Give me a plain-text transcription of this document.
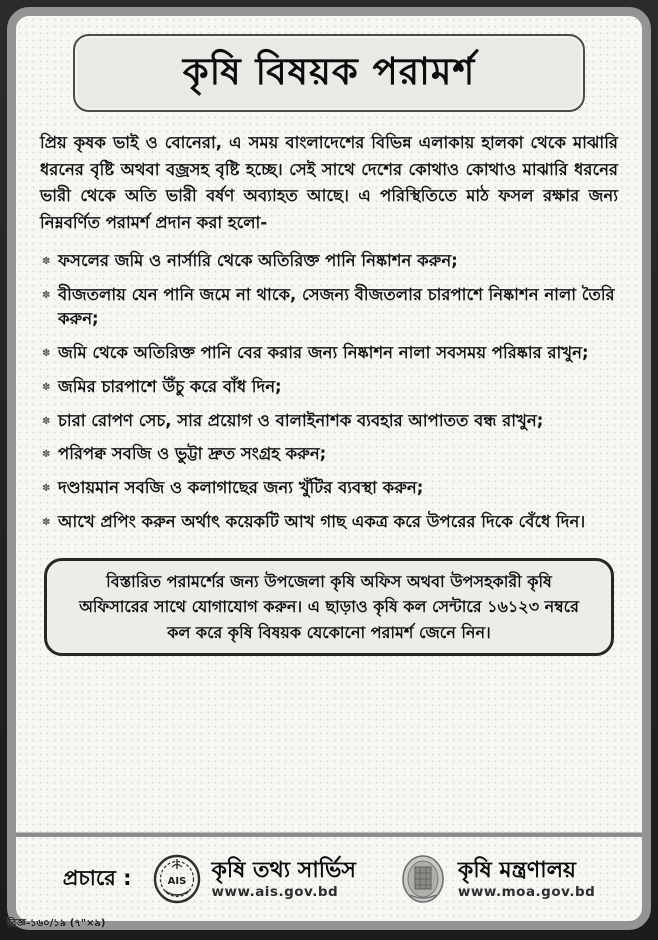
কৃষি বিষয়ক পরামর্শ

প্রিয় কৃষক ভাই ও বোনেরা, এ সময় বাংলাদেশের বিভিন্ন এলাকায় হালকা থেকে মাঝারি ধরনের বৃষ্টি অথবা বজ্রসহ বৃষ্টি হচ্ছে। সেই সাথে দেশের কোথাও কোথাও মাঝারি ধরনের ভারী থেকে অতি ভারী বর্ষণ অব্যাহত আছে। এ পরিস্থিতিতে মাঠ ফসল রক্ষার জন্য নিম্নবর্ণিত পরামর্শ প্রদান করা হলো-

✽ ফসলের জমি ও নার্সারি থেকে অতিরিক্ত পানি নিষ্কাশন করুন;
✽ বীজতলায় যেন পানি জমে না থাকে, সেজন্য বীজতলার চারপাশে নিষ্কাশন নালা তৈরি করুন;
✽ জমি থেকে অতিরিক্ত পানি বের করার জন্য নিষ্কাশন নালা সবসময় পরিষ্কার রাখুন;
✽ জমির চারপাশে উঁচু করে বাঁধ দিন;
✽ চারা রোপণ সেচ, সার প্রয়োগ ও বালাইনাশক ব্যবহার আপাতত বন্ধ রাখুন;
✽ পরিপক্ব সবজি ও ভুট্টা দ্রুত সংগ্রহ করুন;
✽ দণ্ডায়মান সবজি ও কলাগাছের জন্য খুঁটির ব্যবস্থা করুন;
✽ আখে প্রপিং করুন অর্থাৎ কয়েকটি আখ গাছ একত্র করে উপরের দিকে বেঁধে দিন।

বিস্তারিত পরামর্শের জন্য উপজেলা কৃষি অফিস অথবা উপসহকারী কৃষি অফিসারের সাথে যোগাযোগ করুন। এ ছাড়াও কৃষি কল সেন্টারে ১৬১২৩ নম্বরে কল করে কৃষি বিষয়ক যেকোনো পরামর্শ জেনে নিন।

প্রচারে :	AIS কৃষি তথ্য সার্ভিস
www.ais.gov.bd
কৃষি মন্ত্রণালয়
www.moa.gov.bd
বিজ্ঞ-১৬০/১৯ (৭"×৯)
